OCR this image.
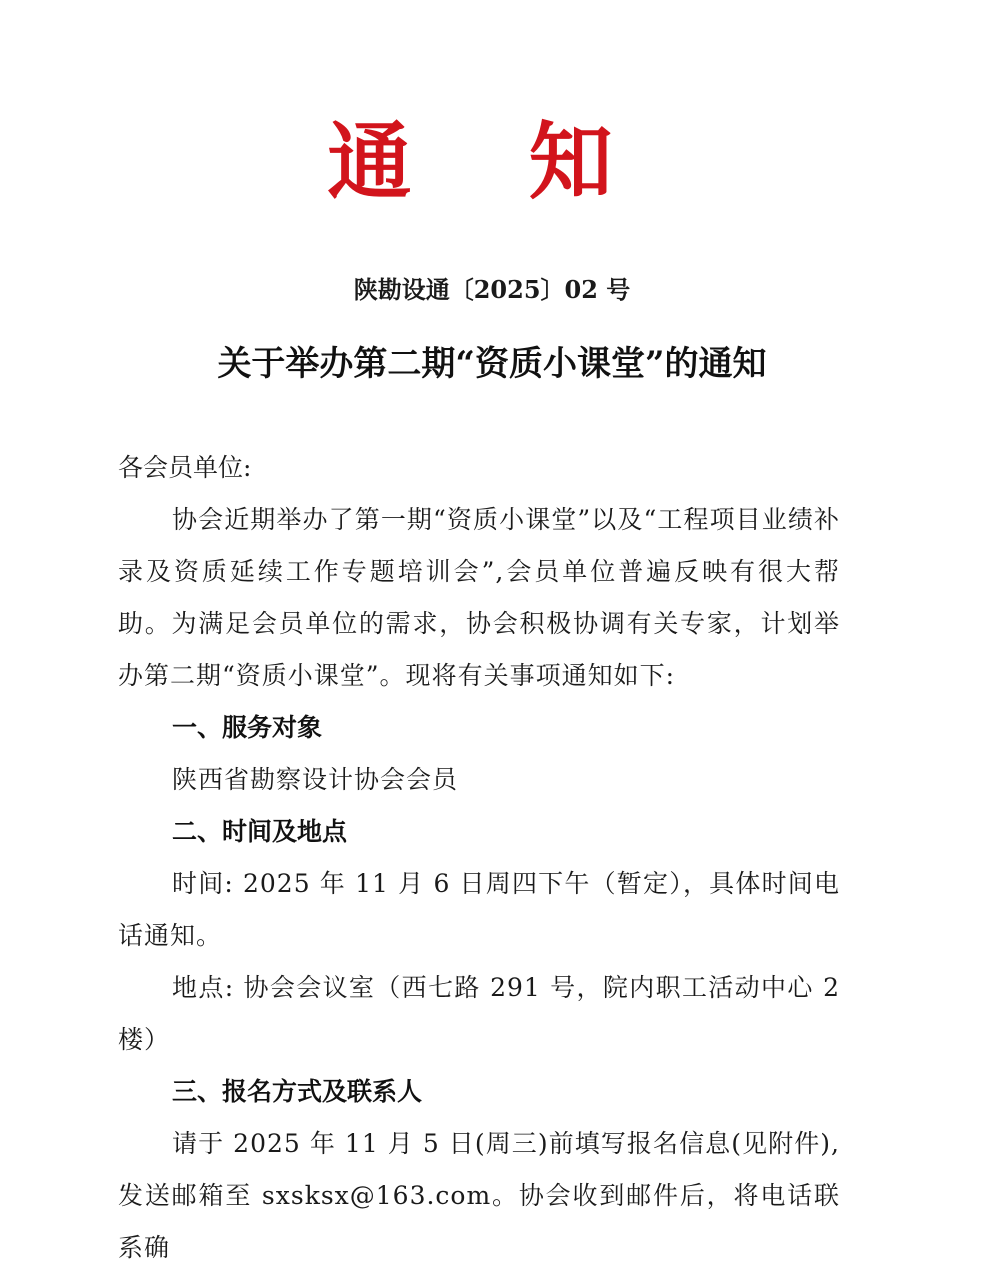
通 知
陕勘设通〔2025〕02 号
关于举办第二期“资质小课堂”的通知

各会员单位:

协会近期举办了第一期“资质小课堂”以及“工程项目业绩补录及资质延续工作专题培训会”,会员单位普遍反映有很大帮助。为满足会员单位的需求，协会积极协调有关专家，计划举办第二期“资质小课堂”。现将有关事项通知如下:

一、服务对象

陕西省勘察设计协会会员

二、时间及地点

时间: 2025 年 11 月 6 日周四下午（暂定），具体时间电话通知。

地点: 协会会议室（西七路 291 号，院内职工活动中心 2 楼）

三、报名方式及联系人

请于 2025 年 11 月 5 日(周三)前填写报名信息(见附件),发送邮箱至 sxsksx@163.com。协会收到邮件后，将电话联系确
